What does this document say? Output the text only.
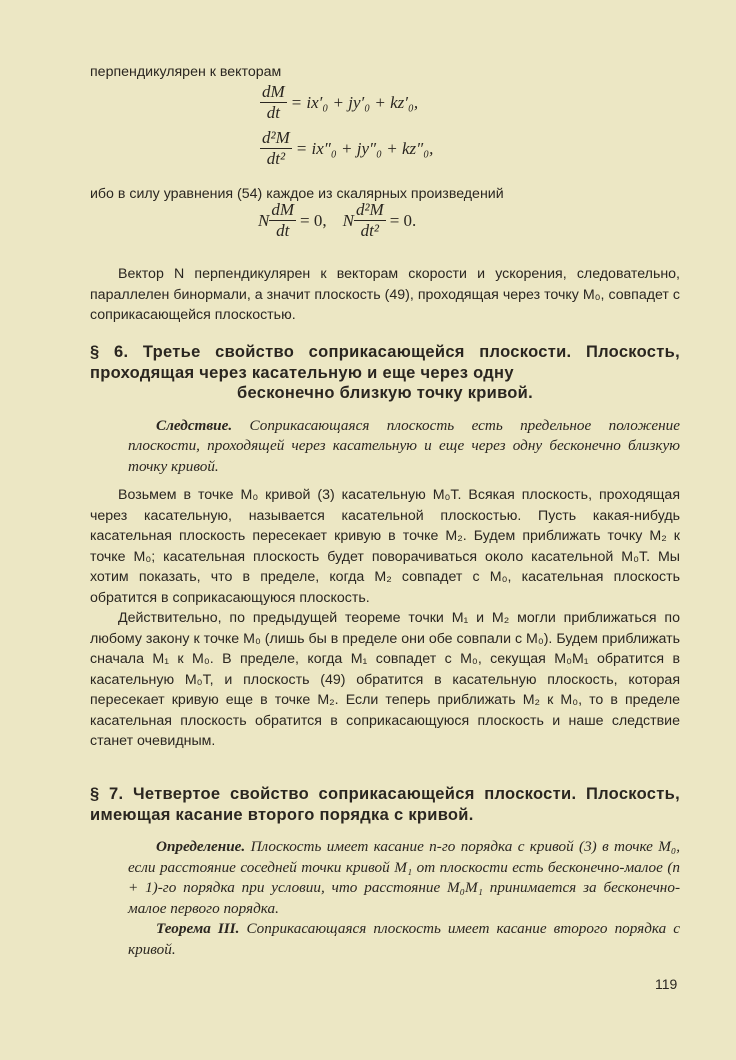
перпендикулярен к векторам

$\frac{dM}{dt} = ix'_0 + jy'_0 + kz'_0$,
$\frac{\text{d²M}}{\text{dt²}} = ix''_0 + jy''_0 + kz''_0$,

ибо в силу уравнения (54) каждое из скалярных произведений

N $\frac{dM}{dt} = 0$, N $\frac{\text{d²M}}{\text{dt²}} = 0$.

Вектор N перпендикулярен к векторам скорости и ускорения, следовательно, параллелен бинормали, а значит плоскость (49), проходящая через точку M₀, совпадет с соприкасающейся плоскостью.

§ 6. Третье свойство соприкасающейся плоскости. Плоскость, проходящая через касательную и еще через одну
бесконечно близкую точку кривой.

Следствие. Соприкасающаяся плоскость есть предельное положение плоскости, проходящей через касательную и еще через одну бесконечно близкую точку кривой.

Возьмем в точке M₀ кривой (3) касательную M₀T. Всякая плоскость, проходящая через касательную, называется касательной плоскостью. Пусть какая-нибудь касательная плоскость пересекает кривую в точке M₂. Будем приближать точку M₂ к точке M₀; касательная плоскость будет поворачиваться около касательной M₀T. Мы хотим показать, что в пределе, когда M₂ совпадет с M₀, касательная плоскость обратится в соприкасающуюся плоскость.

Действительно, по предыдущей теореме точки M₁ и M₂ могли приближаться по любому закону к точке M₀ (лишь бы в пределе они обе совпали с M₀). Будем приближать сначала M₁ к M₀. В пределе, когда M₁ совпадет с M₀, секущая M₀M₁ обратится в касательную M₀T, и плоскость (49) обратится в касательную плоскость, которая пересекает кривую еще в точке M₂. Если теперь приближать M₂ к M₀, то в пределе касательная плоскость обратится в соприкасающуюся плоскость и наше следствие станет очевидным.

§ 7. Четвертое свойство соприкасающейся плоскости. Плоскость, имеющая касание второго порядка с кривой.

Определение. Плоскость имеет касание n-го порядка с кривой (3) в точке M₀, если расстояние соседней точки кривой M₁ от плоскости есть бесконечно-малое (n + 1)-го порядка при условии, что расстояние M₀M₁ принимается за бесконечно-малое первого порядка.

Теорема III. Соприкасающаяся плоскость имеет касание второго порядка с кривой.

119
